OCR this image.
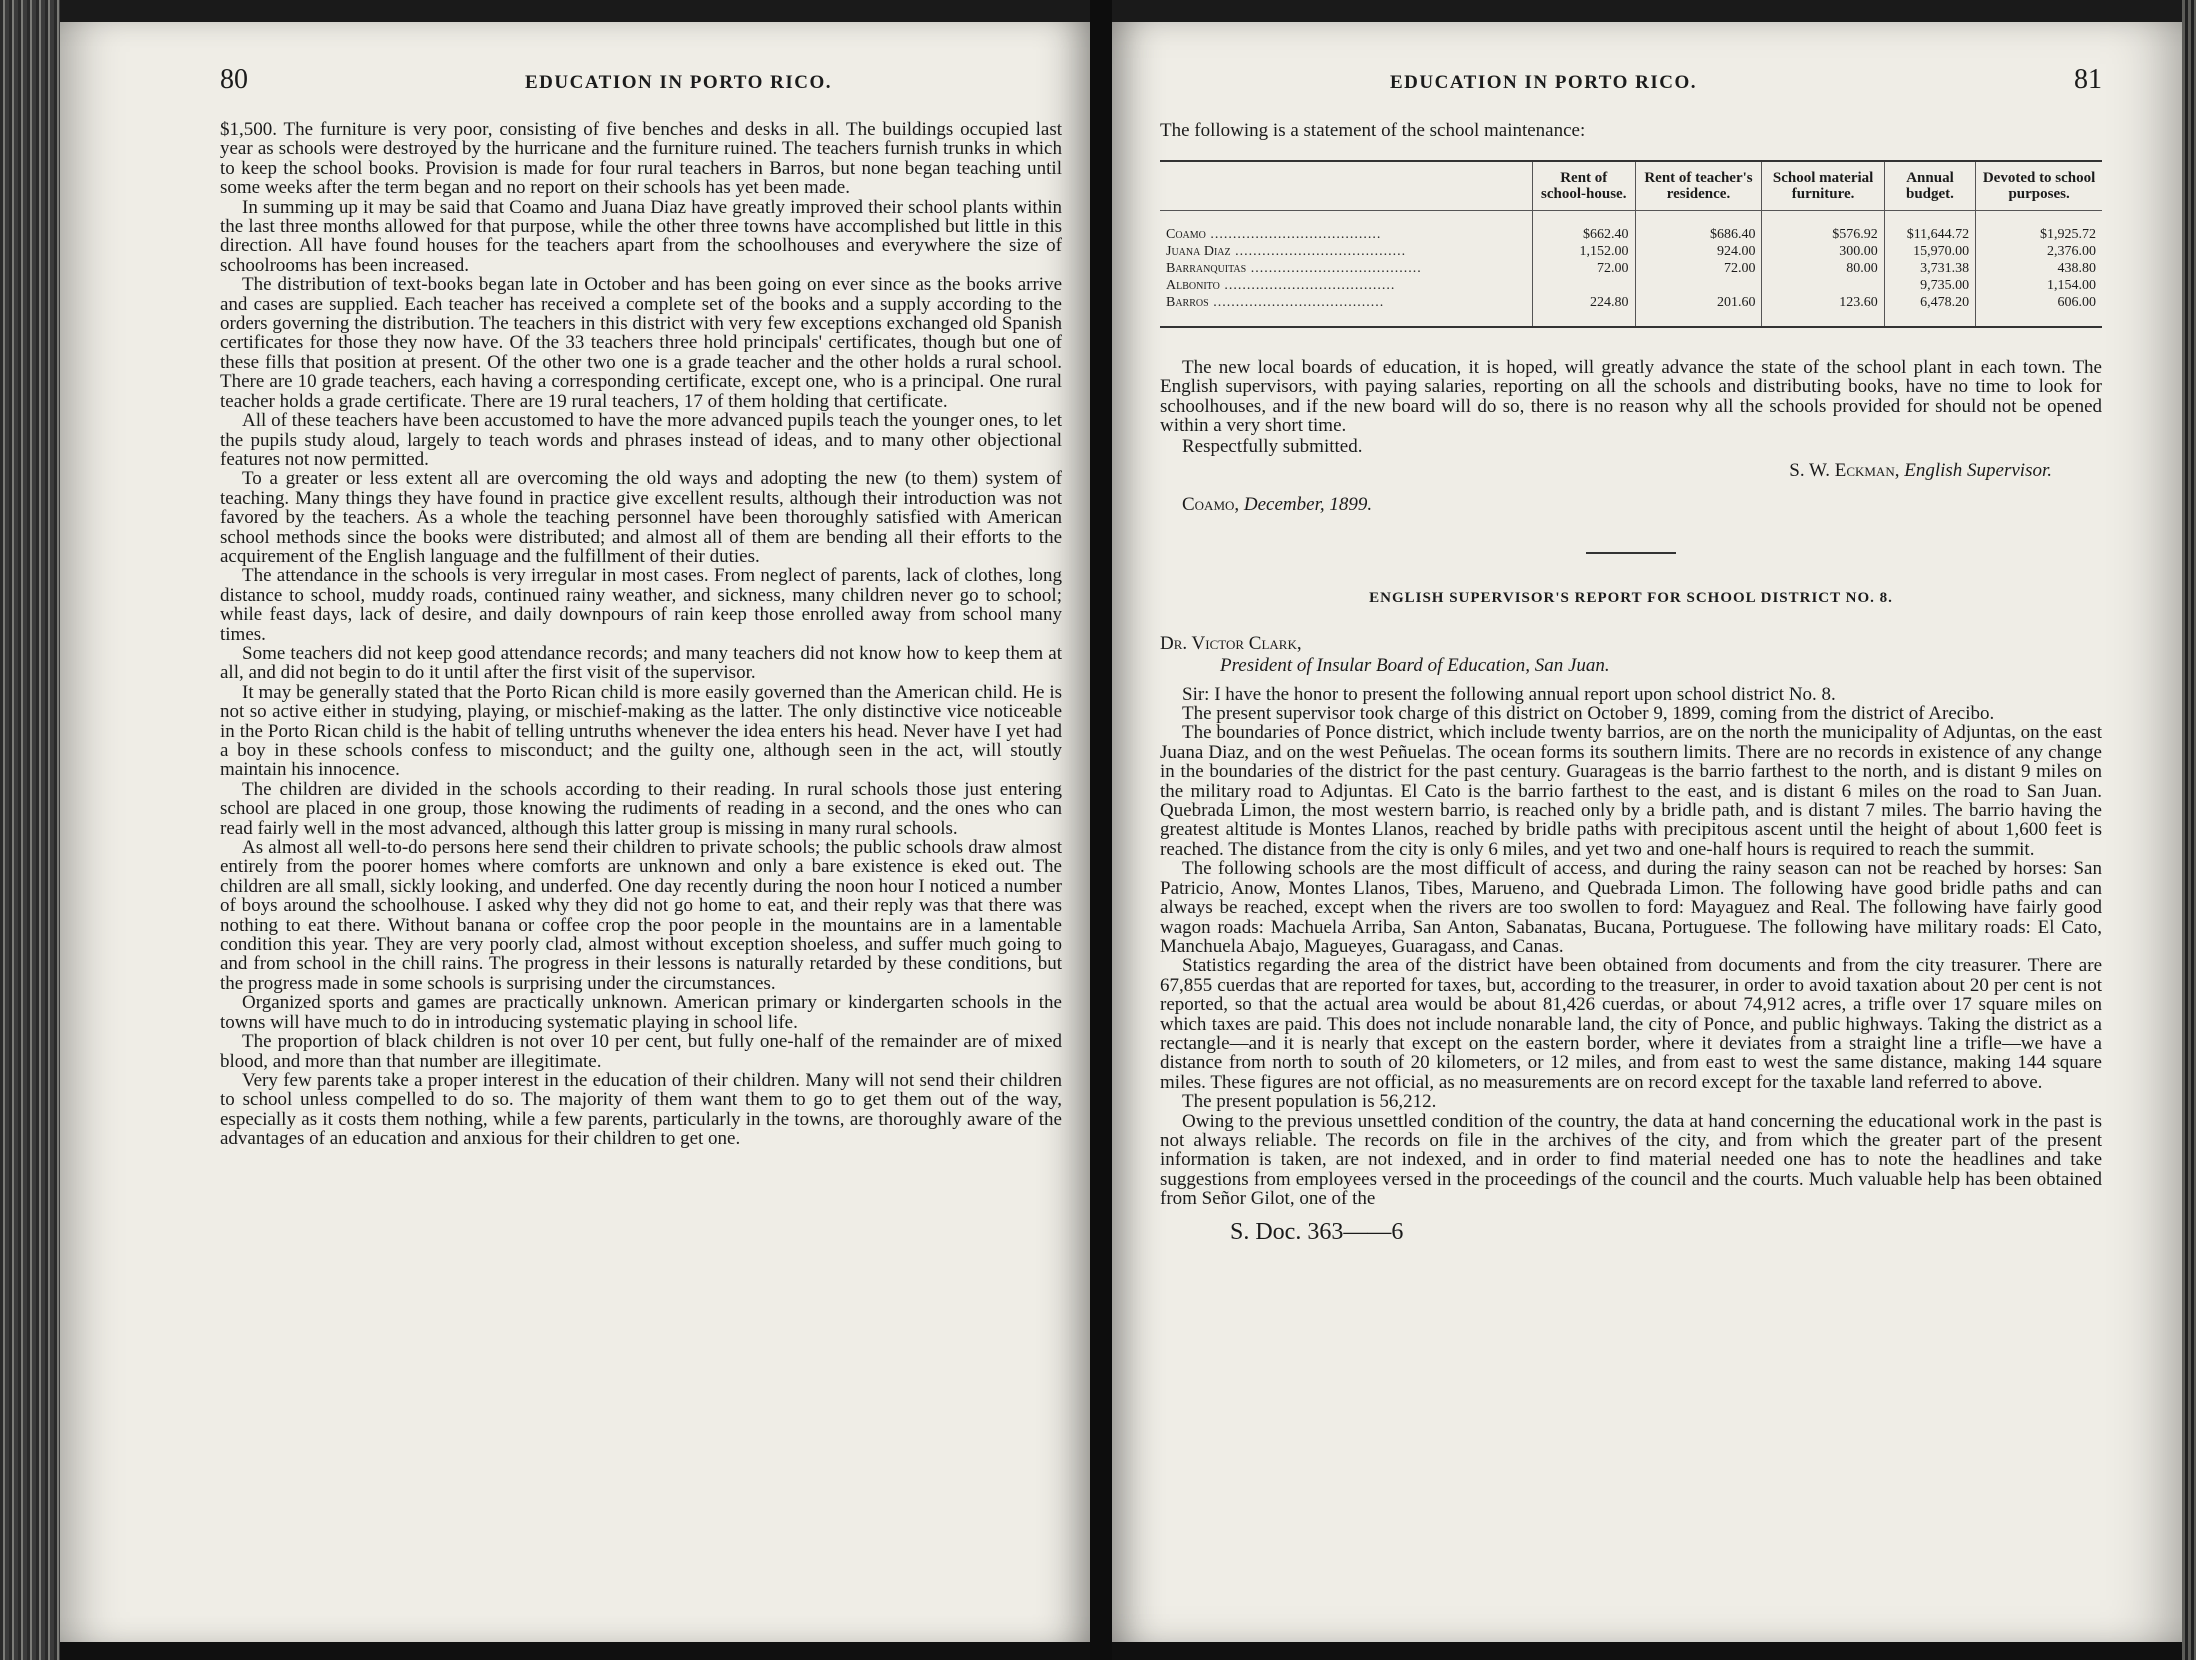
80	EDUCATION IN PORTO RICO.

$1,500. The furniture is very poor, consisting of five benches and desks in all. The buildings occupied last year as schools were destroyed by the hurricane and the furniture ruined. The teachers furnish trunks in which to keep the school books. Provision is made for four rural teachers in Barros, but none began teaching until some weeks after the term began and no report on their schools has yet been made.

In summing up it may be said that Coamo and Juana Diaz have greatly improved their school plants within the last three months allowed for that purpose, while the other three towns have accomplished but little in this direction. All have found houses for the teachers apart from the schoolhouses and everywhere the size of schoolrooms has been increased.

The distribution of text-books began late in October and has been going on ever since as the books arrive and cases are supplied. Each teacher has received a complete set of the books and a supply according to the orders governing the distribution. The teachers in this district with very few exceptions exchanged old Spanish certificates for those they now have. Of the 33 teachers three hold principals' certificates, though but one of these fills that position at present. Of the other two one is a grade teacher and the other holds a rural school. There are 10 grade teachers, each having a corresponding certificate, except one, who is a principal. One rural teacher holds a grade certificate. There are 19 rural teachers, 17 of them holding that certificate.

All of these teachers have been accustomed to have the more advanced pupils teach the younger ones, to let the pupils study aloud, largely to teach words and phrases instead of ideas, and to many other objectional features not now permitted.

To a greater or less extent all are overcoming the old ways and adopting the new (to them) system of teaching. Many things they have found in practice give excellent results, although their introduction was not favored by the teachers. As a whole the teaching personnel have been thoroughly satisfied with American school methods since the books were distributed; and almost all of them are bending all their efforts to the acquirement of the English language and the fulfillment of their duties.

The attendance in the schools is very irregular in most cases. From neglect of parents, lack of clothes, long distance to school, muddy roads, continued rainy weather, and sickness, many children never go to school; while feast days, lack of desire, and daily downpours of rain keep those enrolled away from school many times.

Some teachers did not keep good attendance records; and many teachers did not know how to keep them at all, and did not begin to do it until after the first visit of the supervisor.

It may be generally stated that the Porto Rican child is more easily governed than the American child. He is not so active either in studying, playing, or mischief-making as the latter. The only distinctive vice noticeable in the Porto Rican child is the habit of telling untruths whenever the idea enters his head. Never have I yet had a boy in these schools confess to misconduct; and the guilty one, although seen in the act, will stoutly maintain his innocence.

The children are divided in the schools according to their reading. In rural schools those just entering school are placed in one group, those knowing the rudiments of reading in a second, and the ones who can read fairly well in the most advanced, although this latter group is missing in many rural schools.

As almost all well-to-do persons here send their children to private schools; the public schools draw almost entirely from the poorer homes where comforts are unknown and only a bare existence is eked out. The children are all small, sickly looking, and underfed. One day recently during the noon hour I noticed a number of boys around the schoolhouse. I asked why they did not go home to eat, and their reply was that there was nothing to eat there. Without banana or coffee crop the poor people in the mountains are in a lamentable condition this year. They are very poorly clad, almost without exception shoeless, and suffer much going to and from school in the chill rains. The progress in their lessons is naturally retarded by these conditions, but the progress made in some schools is surprising under the circumstances.

Organized sports and games are practically unknown. American primary or kindergarten schools in the towns will have much to do in introducing systematic playing in school life.

The proportion of black children is not over 10 per cent, but fully one-half of the remainder are of mixed blood, and more than that number are illegitimate.

Very few parents take a proper interest in the education of their children. Many will not send their children to school unless compelled to do so. The majority of them want them to go to get them out of the way, especially as it costs them nothing, while a few parents, particularly in the towns, are thoroughly aware of the advantages of an education and anxious for their children to get one.

EDUCATION IN PORTO RICO.	81
The following is a statement of the school maintenance:
	Rent of school-house.	Rent of teacher's residence.	School material furniture.	Annual budget.	Devoted to school purposes.

Coamo .....	$662.40	$686.40	$576.92	$11,644.72	$1,925.72

Juana Diaz .....	1,152.00	924.00	300.00	15,970.00	2,376.00

Barranquitas .....	72.00	72.00	80.00	3,731.38	438.80

Albonito .....				9,735.00	1,154.00

Barros .....	224.80	201.60	123.60	6,478.20	606.00

The new local boards of education, it is hoped, will greatly advance the state of the school plant in each town. The English supervisors, with paying salaries, reporting on all the schools and distributing books, have no time to look for schoolhouses, and if the new board will do so, there is no reason why all the schools provided for should not be opened within a very short time.

Respectfully submitted.
S. W. Eckman, English Supervisor.
Coamo, December, 1899.
ENGLISH SUPERVISOR'S REPORT FOR SCHOOL DISTRICT NO. 8.
Dr. Victor Clark,
President of Insular Board of Education, San Juan.

Sir: I have the honor to present the following annual report upon school district No. 8.

The present supervisor took charge of this district on October 9, 1899, coming from the district of Arecibo.

The boundaries of Ponce district, which include twenty barrios, are on the north the municipality of Adjuntas, on the east Juana Diaz, and on the west Peñuelas. The ocean forms its southern limits. There are no records in existence of any change in the boundaries of the district for the past century. Guarageas is the barrio farthest to the north, and is distant 9 miles on the military road to Adjuntas. El Cato is the barrio farthest to the east, and is distant 6 miles on the road to San Juan. Quebrada Limon, the most western barrio, is reached only by a bridle path, and is distant 7 miles. The barrio having the greatest altitude is Montes Llanos, reached by bridle paths with precipitous ascent until the height of about 1,600 feet is reached. The distance from the city is only 6 miles, and yet two and one-half hours is required to reach the summit.

The following schools are the most difficult of access, and during the rainy season can not be reached by horses: San Patricio, Anow, Montes Llanos, Tibes, Marueno, and Quebrada Limon. The following have good bridle paths and can always be reached, except when the rivers are too swollen to ford: Mayaguez and Real. The following have fairly good wagon roads: Machuela Arriba, San Anton, Sabanatas, Bucana, Portuguese. The following have military roads: El Cato, Manchuela Abajo, Magueyes, Guaragass, and Canas.

Statistics regarding the area of the district have been obtained from documents and from the city treasurer. There are 67,855 cuerdas that are reported for taxes, but, according to the treasurer, in order to avoid taxation about 20 per cent is not reported, so that the actual area would be about 81,426 cuerdas, or about 74,912 acres, a trifle over 17 square miles on which taxes are paid. This does not include nonarable land, the city of Ponce, and public highways. Taking the district as a rectangle—and it is nearly that except on the eastern border, where it deviates from a straight line a trifle—we have a distance from north to south of 20 kilometers, or 12 miles, and from east to west the same distance, making 144 square miles. These figures are not official, as no measurements are on record except for the taxable land referred to above.

The present population is 56,212.

Owing to the previous unsettled condition of the country, the data at hand concerning the educational work in the past is not always reliable. The records on file in the archives of the city, and from which the greater part of the present information is taken, are not indexed, and in order to find material needed one has to note the headlines and take suggestions from employees versed in the proceedings of the council and the courts. Much valuable help has been obtained from Señor Gilot, one of the

S. Doc. 363——6
